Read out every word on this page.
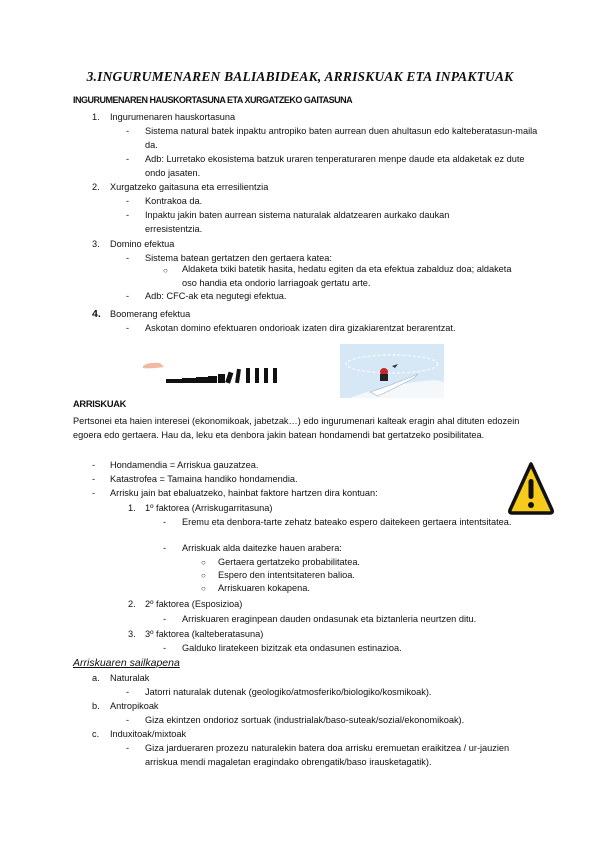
3.INGURUMENAREN BALIABIDEAK, ARRISKUAK ETA INPAKTUAK
INGURUMENAREN HAUSKORTASUNA ETA XURGATZEKO GAITASUNA
1. Ingurumenaren hauskortasuna
- Sistema natural batek inpaktu antropiko baten aurrean duen ahultasun edo kalteberatasun-maila da.
- Adb: Lurretako ekosistema batzuk uraren tenperaturaren menpe daude eta aldaketak ez dute ondo jasaten.
2. Xurgatzeko gaitasuna eta erresilientzia
- Kontrakoa da.
- Inpaktu jakin baten aurrean sistema naturalak aldatzearen aurkako daukan erresistentzia.
3. Domino efektua
- Sistema batean gertatzen den gertaera katea:
○ Aldaketa txiki batetik hasita, hedatu egiten da eta efektua zabalduz doa; aldaketa oso handia eta ondorio larriagoak gertatu arte.
- Adb: CFC-ak eta negutegi efektua.
4. Boomerang efektua
- Askotan domino efektuaren ondorioak izaten dira gizakiarentzat berarentzat.
ARRISKUAK
Pertsonei eta haien interesei (ekonomikoak, jabetzak…) edo ingurumenari kalteak eragin ahal dituten edozein egoera edo gertaera. Hau da, leku eta denbora jakin batean hondamendi bat gertatzeko posibilitatea.
- Hondamendia = Arriskua gauzatzea.
- Katastrofea = Tamaina handiko hondamendia.
- Arrisku jain bat ebaluatzeko, hainbat faktore hartzen dira kontuan:
1. 1º faktorea (Arriskugarritasuna)
- Eremu eta denbora-tarte zehatz bateako espero daitekeen gertaera intentsitatea.
- Arriskuak alda daitezke hauen arabera:
○ Gertaera gertatzeko probabilitatea.
○ Espero den intentsitateren balioa.
○ Arriskuaren kokapena.
2. 2º faktorea (Esposizioa)
- Arriskuaren eraginpean dauden ondasunak eta biztanleria neurtzen ditu.
3. 3º faktorea (kalteberatasuna)
- Galduko liratekeen bizitzak eta ondasunen estinazioa.
Arriskuaren sailkapena
a. Naturalak
- Jatorri naturalak dutenak (geologiko/atmosferiko/biologiko/kosmikoak).
b. Antropikoak
- Giza ekintzen ondorioz sortuak (industrialak/baso-suteak/sozial/ekonomikoak).
c. Induxitoak/mixtoak
- Giza jardueraren prozezu naturalekin batera doa arrisku eremuetan eraikitzea / ur-jauzien arriskua mendi magaletan eragindako obrengatik/baso irausketagatik).
